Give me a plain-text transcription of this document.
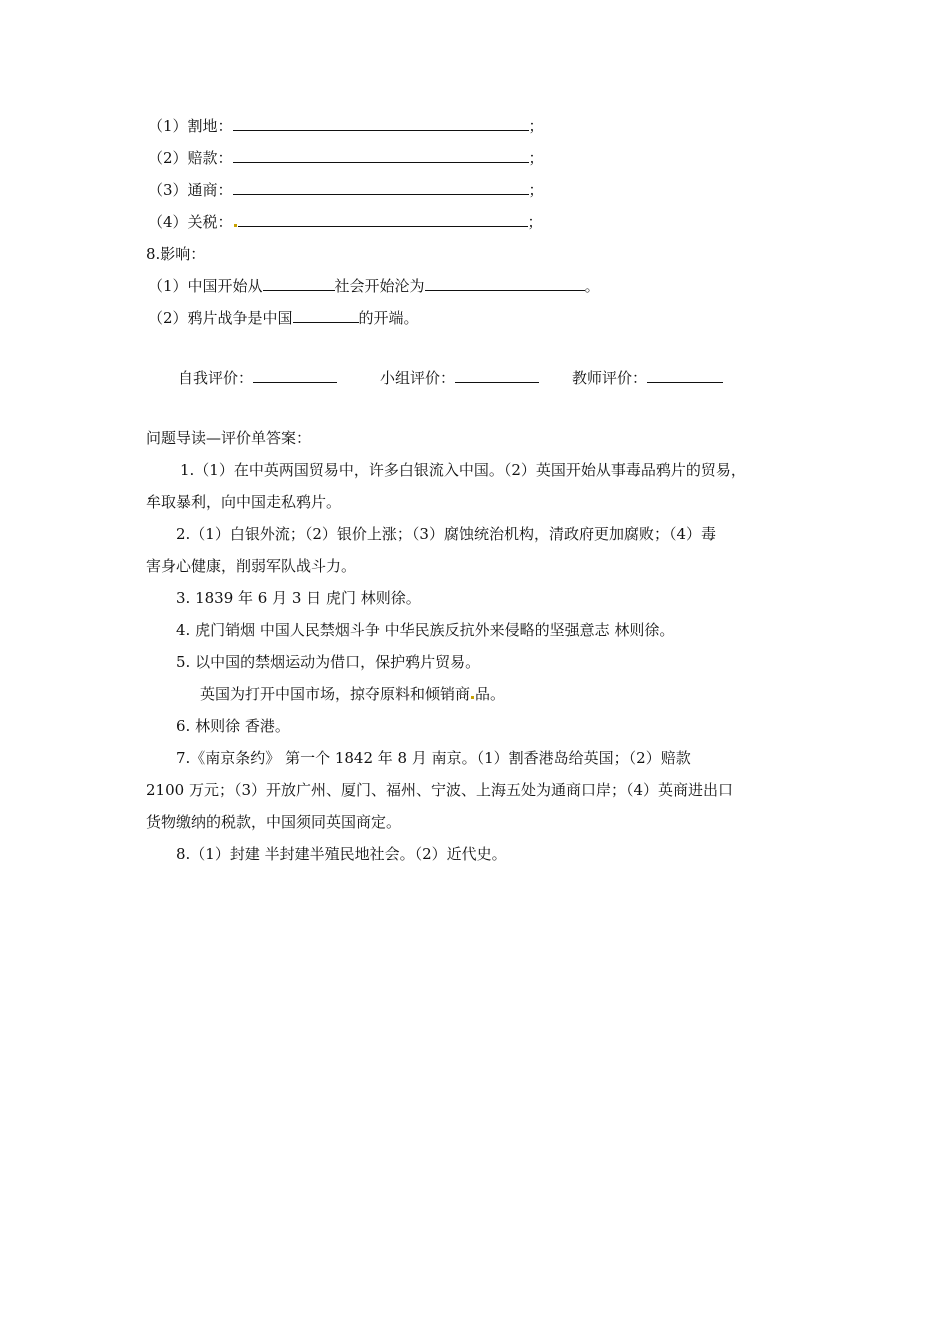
（1）割地：	；
（2）赔款：	；
（3）通商：	；
（4）关税：	；
8.影响：
（1）中国开始从	社会开始沦为	。
（2）鸦片战争是中国	的开端。
自我评价：	小组评价：	教师评价：
问题导读—评价单答案：
1.（1）在中英两国贸易中，许多白银流入中国。（2）英国开始从事毒品鸦片的贸易，
牟取暴利，向中国走私鸦片。
2.（1）白银外流；（2）银价上涨；（3）腐蚀统治机构，清政府更加腐败；（4）毒
害身心健康，削弱军队战斗力。
3. 1839 年 6 月 3 日 虎门 林则徐。
4. 虎门销烟 中国人民禁烟斗争 中华民族反抗外来侵略的坚强意志 林则徐。
5. 以中国的禁烟运动为借口，保护鸦片贸易。
英国为打开中国市场，掠夺原料和倾销商 品。
6. 林则徐 香港。
7.《南京条约》 第一个 1842 年 8 月 南京。（1）割香港岛给英国；（2）赔款
2100 万元；（3）开放广州、厦门、福州、宁波、上海五处为通商口岸；（4）英商进出口
货物缴纳的税款，中国须同英国商定。
8.（1）封建 半封建半殖民地社会。（2）近代史。
